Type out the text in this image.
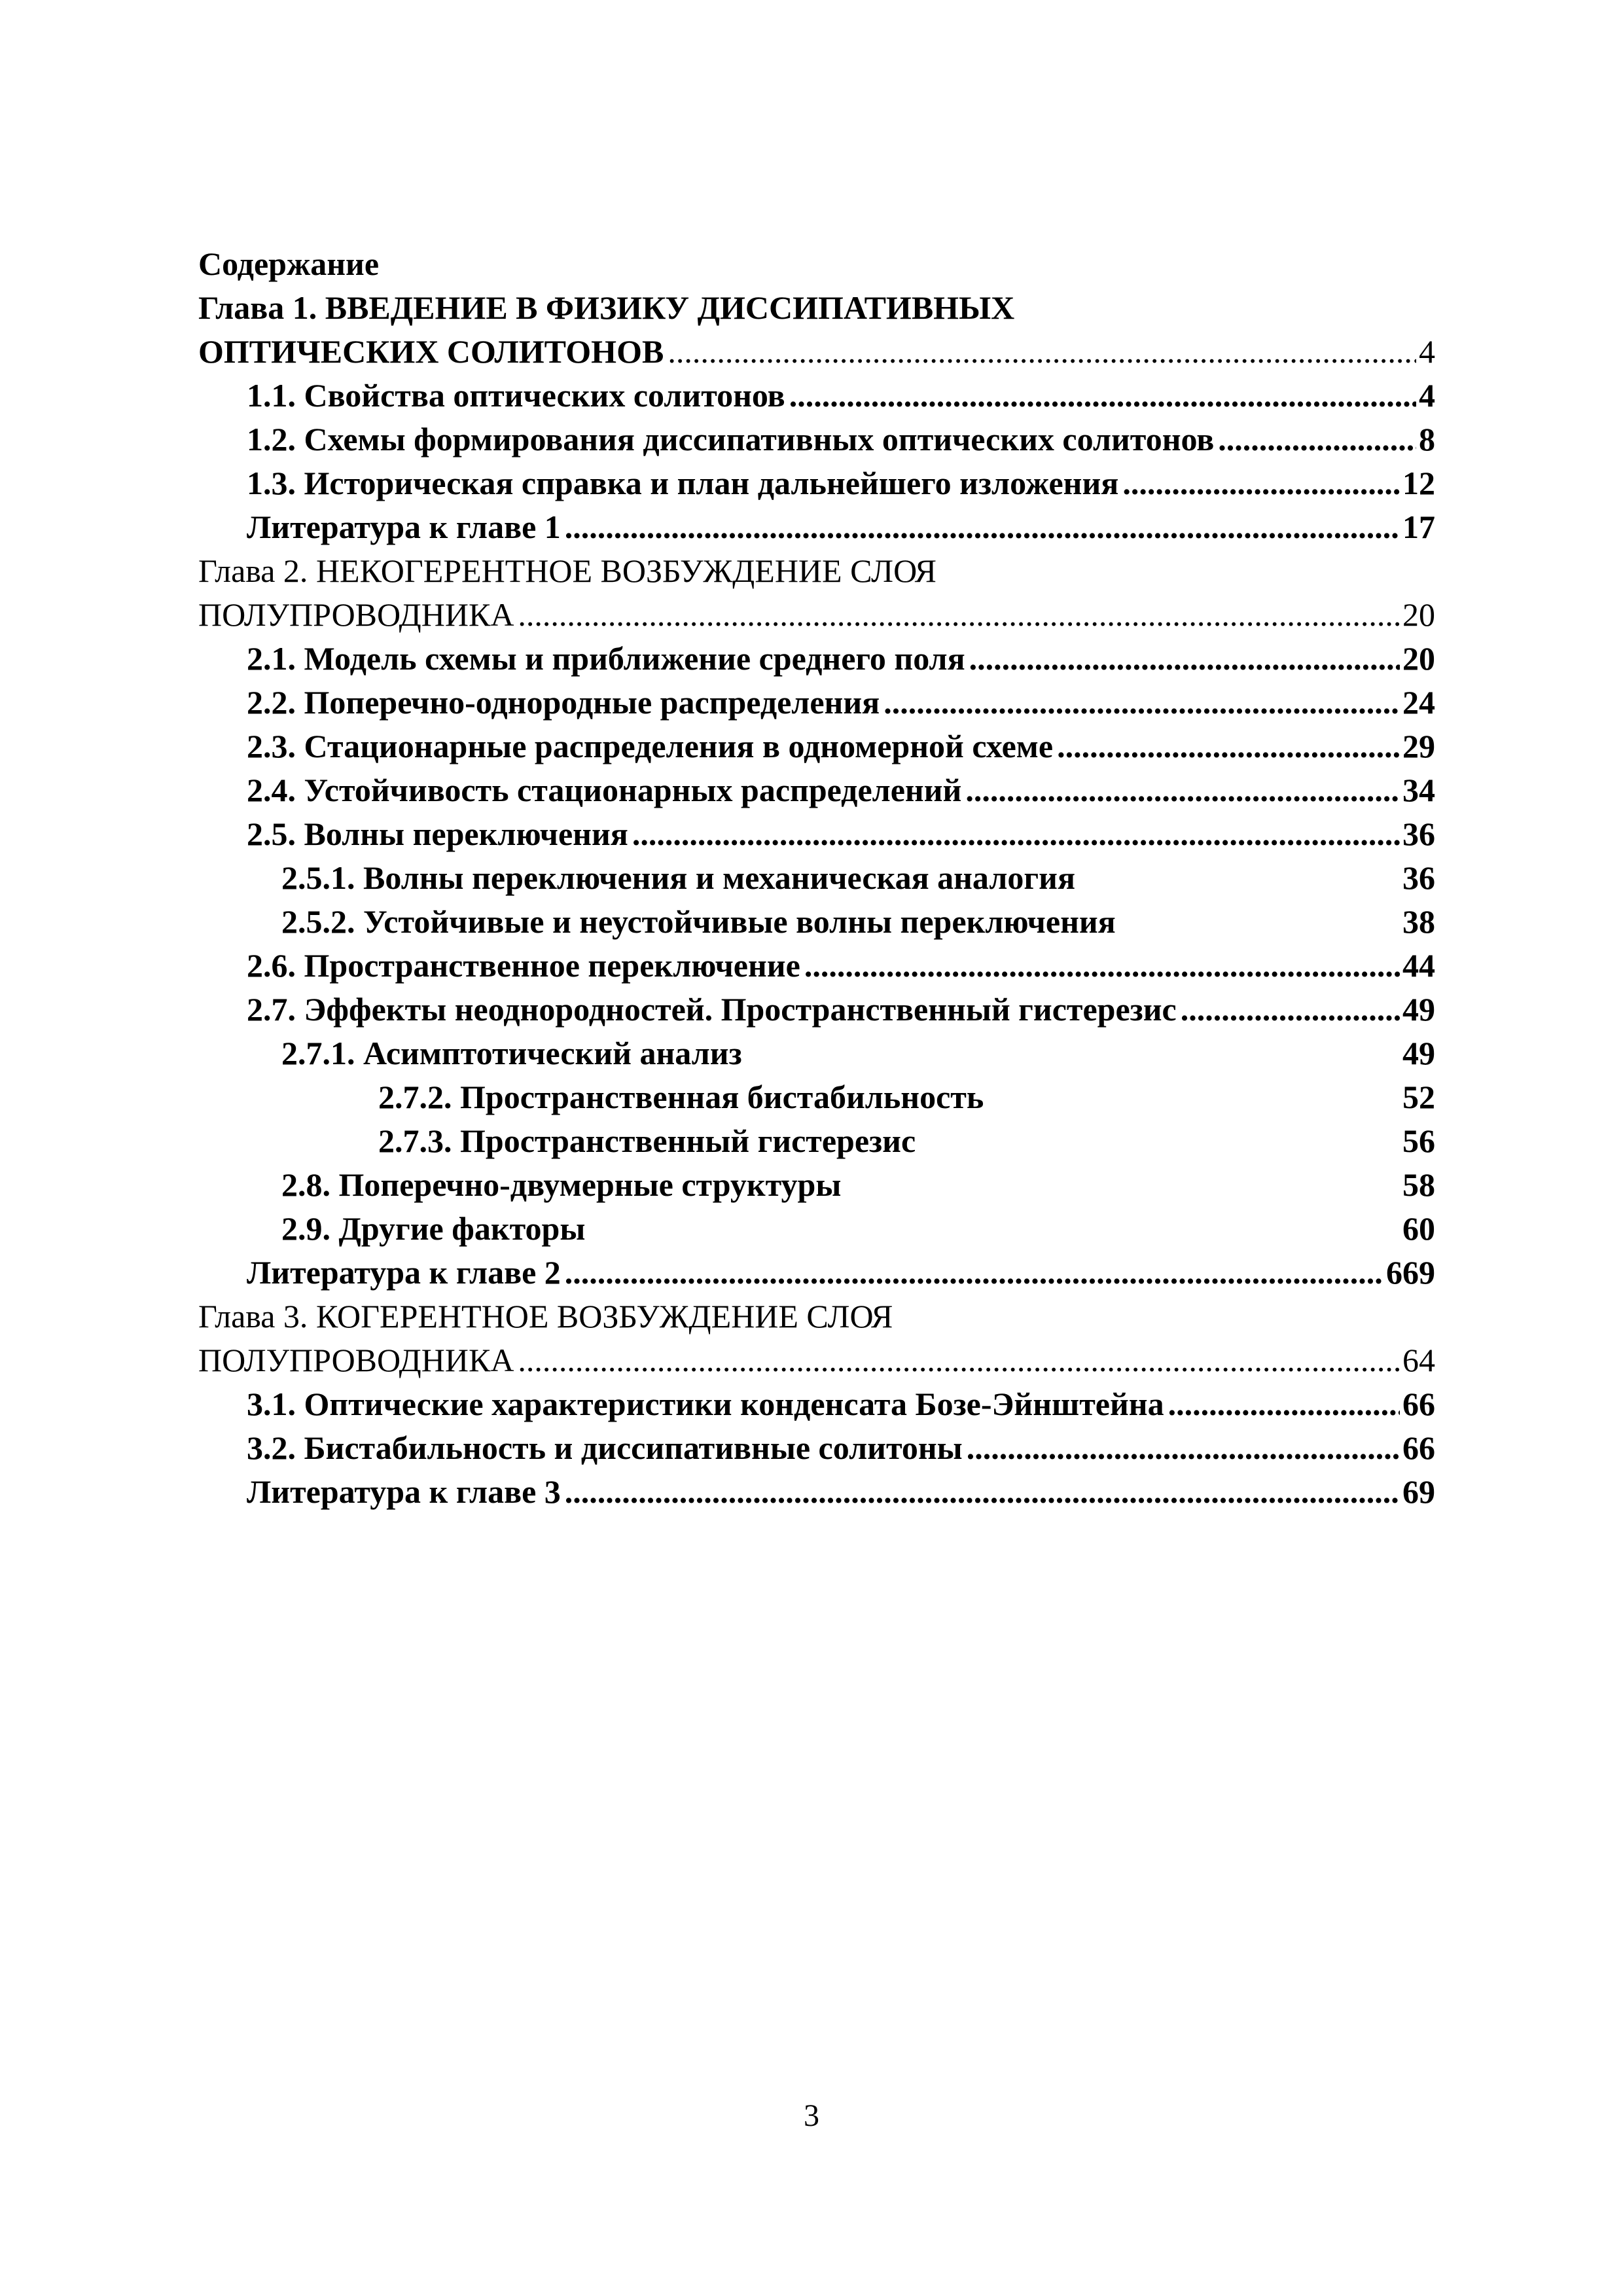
Содержание
Глава 1. ВВЕДЕНИЕ В ФИЗИКУ ДИССИПАТИВНЫХ
ОПТИЧЕСКИХ СОЛИТОНОВ .....	4
1.1. Свойства оптических солитонов .....	4
1.2. Схемы формирования диссипативных оптических солитонов .....	8
1.3. Историческая справка и план дальнейшего изложения .....	12
Литература к главе 1 .....	17
Глава 2. НЕКОГЕРЕНТНОЕ ВОЗБУЖДЕНИЕ СЛОЯ
ПОЛУПРОВОДНИКА .....	20
2.1. Модель схемы и приближение среднего поля .....	20
2.2. Поперечно-однородные распределения .....	24
2.3. Стационарные распределения в одномерной схеме .....	29
2.4. Устойчивость стационарных распределений .....	34
2.5. Волны переключения .....	36
2.5.1. Волны переключения и механическая аналогия	36
2.5.2. Устойчивые и неустойчивые волны переключения	38
2.6. Пространственное переключение .....	44
2.7. Эффекты неоднородностей. Пространственный гистерезис .....	49
2.7.1. Асимптотический анализ	49
2.7.2. Пространственная бистабильность	52
2.7.3. Пространственный гистерезис	56
2.8. Поперечно-двумерные структуры	58
2.9. Другие факторы	60
Литература к главе 2 .....	669
Глава 3. КОГЕРЕНТНОЕ ВОЗБУЖДЕНИЕ СЛОЯ
ПОЛУПРОВОДНИКА .....	64
3.1. Оптические характеристики конденсата Бозе-Эйнштейна .....	66
3.2. Бистабильность и диссипативные солитоны .....	66
Литература к главе 3 .....	69
3
